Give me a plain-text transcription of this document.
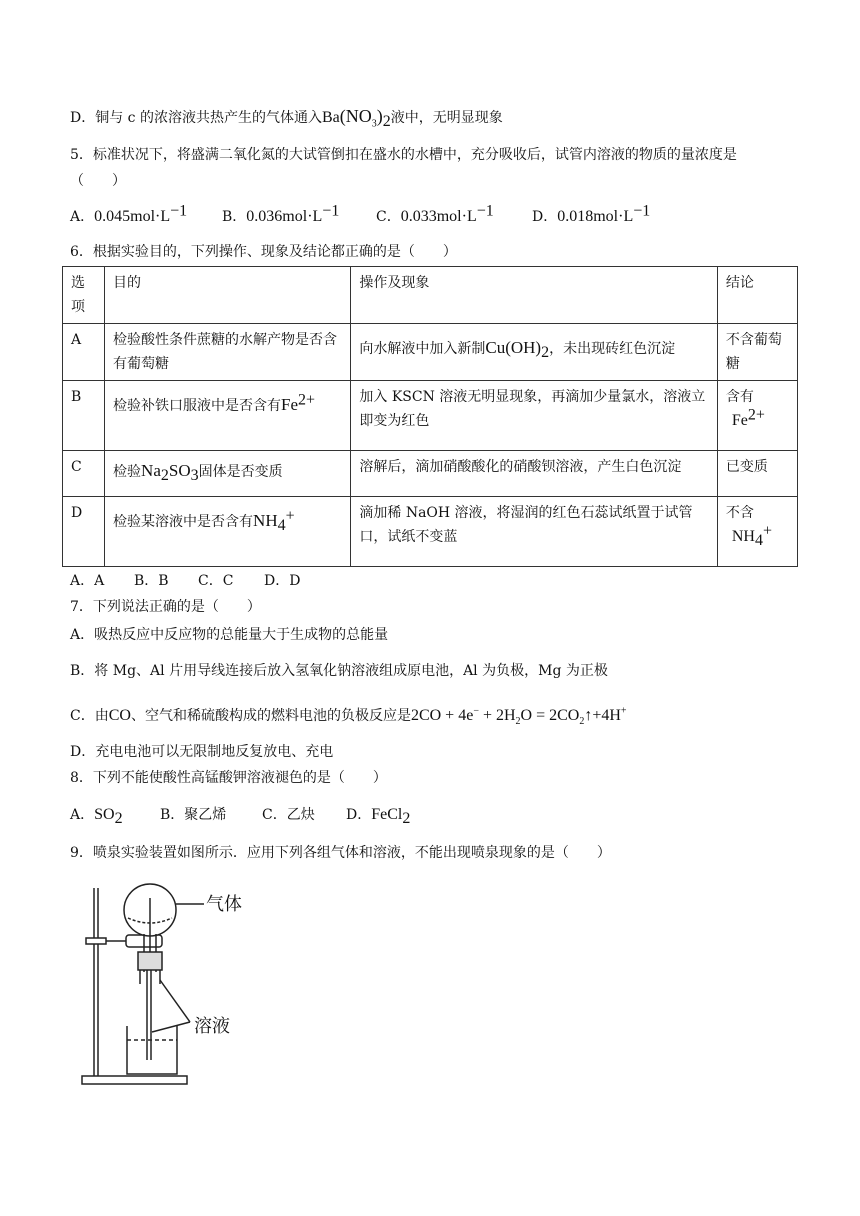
D．铜与 c 的浓溶液共热产生的气体通入$Ba(NO_3)_2$液中，无明显现象
5．标准状况下，将盛满二氧化氮的大试管倒扣在盛水的水槽中，充分吸收后，试管内溶液的物质的量浓度是
（　　）
A．$0.045mol\cdot L^{-1}$ B．$0.036mol\cdot L^{-1}$	C．$0.033mol\cdot L^{-1}$	D．$0.018mol\cdot L^{-1}$
6．根据实验目的，下列操作、现象及结论都正确的是（　　）
选项	目的	操作及现象	结论
A	检验酸性条件蔗糖的水解产物是否含有葡萄糖	向水解液中加入新制$Cu(OH)_2$，未出现砖红色沉淀	不含葡萄糖
B	检验补铁口服液中是否含有$Fe^{2+}$	加入 KSCN 溶液无明显现象，再滴加少量氯水，溶液立即变为红色	含有
$Fe^{2+}$

C	检验$Na_2SO_3$固体是否变质	溶解后，滴加硝酸酸化的硝酸钡溶液，产生白色沉淀	已变质
D	检验某溶液中是否含有$NH_4^+$	滴加稀 NaOH 溶液，将湿润的红色石蕊试纸置于试管口，试纸不变蓝	不含
$NH_4^+$
A．A B．B C．C D．D
7．下列说法正确的是（　　）
A．吸热反应中反应物的总能量大于生成物的总能量
B．将 Mg、Al 片用导线连接后放入氢氧化钠溶液组成原电池，Al 为负极，Mg 为正极
C．由CO、空气和稀硫酸构成的燃料电池的负极反应是$2CO + 4e^- + 2H_2O$ = $2CO_2↑+4H^+$
D．充电电池可以无限制地反复放电、充电
8．下列不能使酸性高锰酸钾溶液褪色的是（　　）
A．$SO_2$	B．聚乙烯	C．乙炔 D．FeCl$_2$
9．喷泉实验装置如图所示．应用下列各组气体和溶液，不能出现喷泉现象的是（　　）
气体
溶液
